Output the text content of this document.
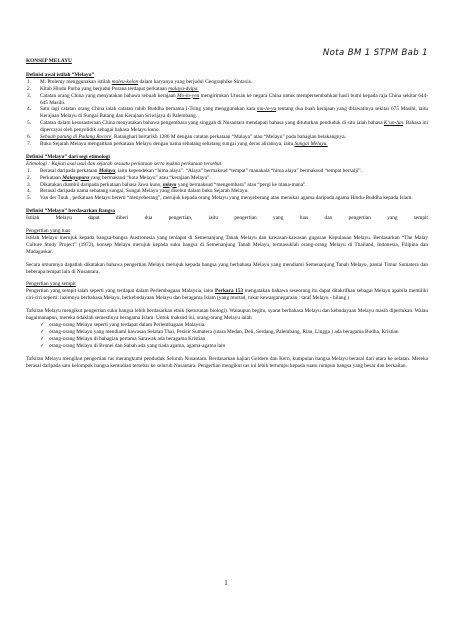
Nota BM 1 STPM Bab 1
KONSEP MELAYU
Definisi awal istilah “Melayu”
1. M. Ptolemy menggunakan istilah maleu-kolon dalam karyanya yang berjudul Geographike Sintaxis.
2. Kitab Hindu Purba yang berjudul Purana terdapat perkataan malaya-dvipa.
3. Catatan orang China yang menyatakan bahawa sebuah kerajaan Mo-lo-yeu mengirimkan Utusan ke negara China untuk mempersembahkan hasil bumi kepada raja China sekitar 644-645 Masihi.
4. Satu lagi catatan orang China ialah catatan rahib Buddha bernama I-Tsing yang menggunakan kata ma-lo-yu tentang dua buah kerajaan yang dilawatinya sekitar 675 Masihi, iaitu Kerajaan Melayu di Sungai Batang dan Kerajaan Sriwijaya di Palembang.
5. Catatan dalam kesusasteraan China menyatakan bahawa pengembara yang singgah di Nusantara mendapati bahasa yang dituturkan penduduk di situ ialah bahasa K’un-lun. Bahasa ini dipercayai oleh penyelidik sebagai bahasa Melayu kuno.
6. Sebuah patung di Padang Rocore, Batanghari bertarikh 1286 M dengan catatan perkataan “Malaya” atau “Melayu” pada bahagian belakangnya.
7. Buku Sejarah Melayu mengaitkan perkataan Melayu dengan nama sebatang sebatang sungai yang deras alirannya, iaitu Sungai Melayu.
Definisi “Melayu” dari segi etimologi
Etimologi : Kajian asal usul dan sejarah sesuatu perkataan serta makna perkataan tersebut.
1. Berasal daripada perkataan Malaya, iaitu kependekan “hima alaya”. “Alaya” bermaksud “tempat” manakala “hima alaya” bermaksud “tempat bersalji”.
2. Perkataan Malayapura yang bermaksud “kota Melayu” atau “kerajaan Melayu”.
3. Dikatakan diambil daripada perkataan bahasa Jawa kuno, mlayu yang bermaksud “mengembara” atau “pergi ke mana-mana”.
4. Berasal daripada nama sebatang sungai, Sungai Melayu yang disebut dalam buku Sejarah Melayu.
5. Van der Tuuk , perkataan Melayu bererti “menyeberang”, merujuk kepada orang Melayu yang menyeberang atau menukar agama daripada agama Hindu-Buddha kepada Islam.
Definisi “Melayu” berdasarkan Bangsa
Istilah Melayu dapat diberi dua pengertian, iaitu pengertian yang luas dan pengertian yang sempit
Pengertian yang luas
Istilah Melayu merujuk kepada bangsa-bangsa Austronesia yang terdapat di Semenanjung Tanah Melayu dan kawasan-kawasan gugusan Kepulauan Melayu. Berdasarkan “The Malay Culture Study Project” (1972), konsep Melayu merujuk kepada suku bangsa di Semenanjung Tanah Melayu, termasuklah orang-orang Melayu di Thailand, Indonesia, Filipina dan Madagaskar.
Secara umumnya dapatlah dikatakan bahawa pengertian Melayu merujuk kepada bangsa yang berbahasa Melayu yang mendiami Semenanjung Tanah Melayu, pantai Timur Sumatera dan beberapa tempat lain di Nusantara.
Pengertian yang sempit
Pengertian yang sempit ialah seperti yang terdapat dalam Perlembagaan Malaysia, iaitu Perkara 153 mengatakan bahawa seseorang itu dapat ditakrifkan sebagai Melayu apabila memiliki ciri-ciri seperti: lazimnya berbahasa Melayu, berkebudayaan Melayu dan beragama Islam (yang murtad, tukar kewarganegaraan : taraf Melayu - hilang )
Tafsiran Melayu mengikut pengertian suku bangsa lebih berdasarkan etnik (keturunan biologi). Walaupun begitu, syarat berbahasa Melayu dan kebudayaan Melayu masih diperlukan. Walau bagaimanapun, mereka tidaklah semestinya beragama Islam. Untuk maksud ini, orang-orang Melayu ialah
✓ orang-orang Melayu seperti yang terdapat dalam Perlembagaan Malaysia.
✓ orang-orang Melayu yang mendiami kawasan Selatan Thai, Pesisir Sumatera (utara Medan, Deli, Serdang, Palembang, Riau, Lingga ) ada beragama Budha, Kristian
✓ orang-orang Melayu di bahagian pertama Sarawak ada beragama Kristian
✓ orang-orang Melayu di Brunei dan Sabah ada yang tiada agama, agama-agama lain
Tafsiran Melayu mengikut pengertian ras merangkumi penduduk Seluruh Nusantara. Berdasarkan kajian Geldern dan Kern, kumpulan bangsa Melayu berasal dari utara ke selatan. Mereka berasal daripada satu kelompok bangsa kemudian tersebar ke seluruh Nusantara. Pengertian mengikut ras ini lebih tertumpu kepada suatu rumpun bangsa yang besar dan berkaitan.
1
